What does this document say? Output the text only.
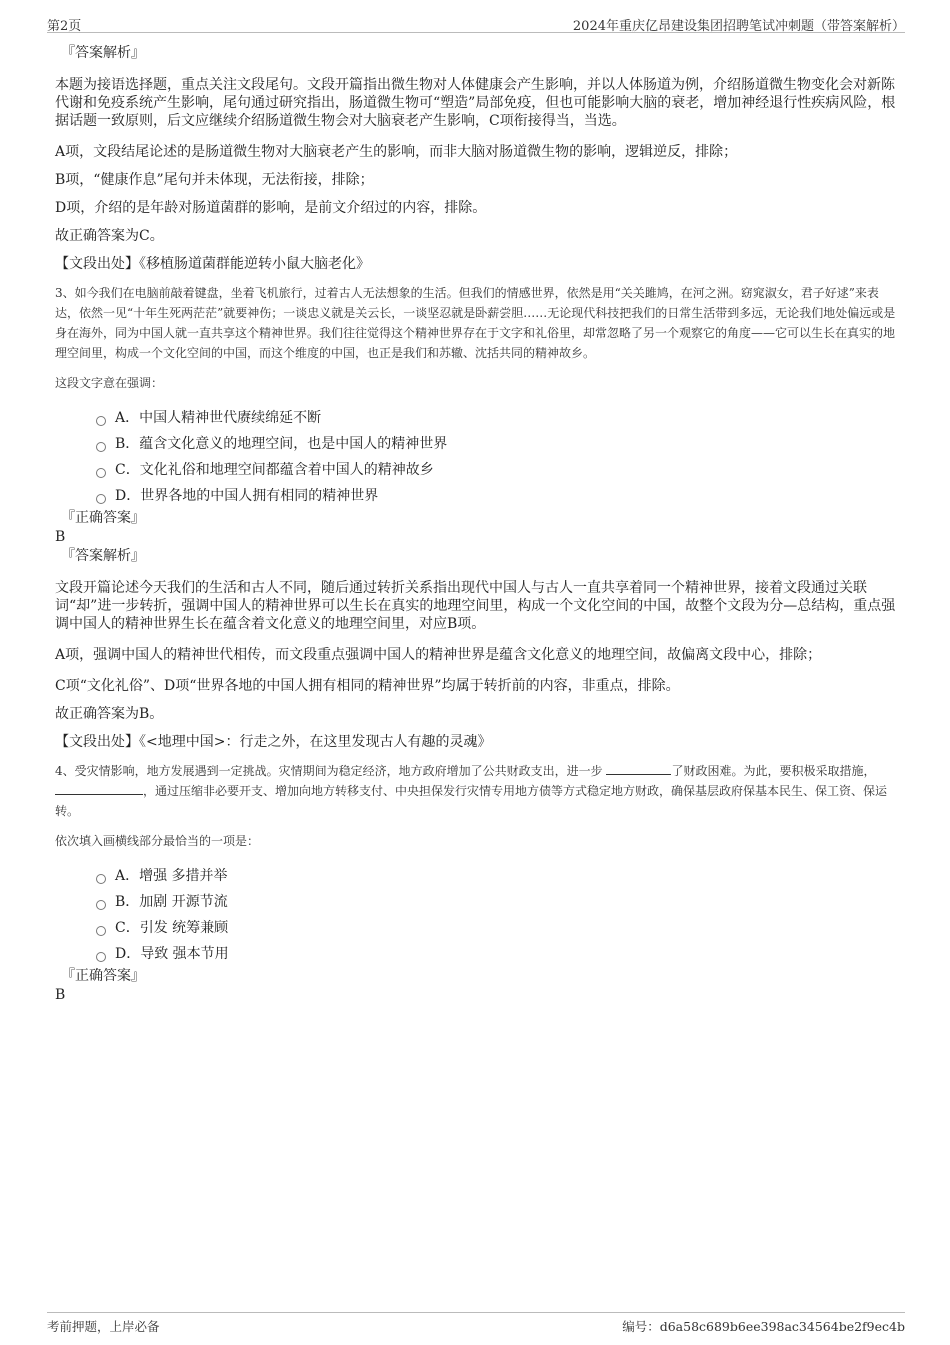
第2页	2024年重庆亿昂建设集团招聘笔试冲刺题（带答案解析）
『答案解析』

本题为接语选择题，重点关注文段尾句。文段开篇指出微生物对人体健康会产生影响，并以人体肠道为例，介绍肠道微生物变化会对新陈代谢和免疫系统产生影响，尾句通过研究指出，肠道微生物可“塑造”局部免疫，但也可能影响大脑的衰老，增加神经退行性疾病风险，根据话题一致原则，后文应继续介绍肠道微生物会对大脑衰老产生影响，C项衔接得当，当选。

A项，文段结尾论述的是肠道微生物对大脑衰老产生的影响，而非大脑对肠道微生物的影响，逻辑逆反，排除；

B项，“健康作息”尾句并未体现，无法衔接，排除；

D项，介绍的是年龄对肠道菌群的影响，是前文介绍过的内容，排除。

故正确答案为C。

【文段出处】《移植肠道菌群能逆转小鼠大脑老化》

3、如今我们在电脑前敲着键盘，坐着飞机旅行，过着古人无法想象的生活。但我们的情感世界，依然是用“关关雎鸠，在河之洲。窈窕淑女，君子好逑”来表达，依然一见“十年生死两茫茫”就要神伤；一谈忠义就是关云长，一谈坚忍就是卧薪尝胆……无论现代科技把我们的日常生活带到多远，无论我们地处偏远或是身在海外，同为中国人就一直共享这个精神世界。我们往往觉得这个精神世界存在于文字和礼俗里，却常忽略了另一个观察它的角度——它可以生长在真实的地理空间里，构成一个文化空间的中国，而这个维度的中国，也正是我们和苏辙、沈括共同的精神故乡。

这段文字意在强调：

A．中国人精神世代赓续绵延不断
B．蕴含文化意义的地理空间，也是中国人的精神世界
C．文化礼俗和地理空间都蕴含着中国人的精神故乡
D．世界各地的中国人拥有相同的精神世界
『正确答案』
B
『答案解析』

文段开篇论述今天我们的生活和古人不同，随后通过转折关系指出现代中国人与古人一直共享着同一个精神世界，接着文段通过关联词“却”进一步转折，强调中国人的精神世界可以生长在真实的地理空间里，构成一个文化空间的中国，故整个文段为分—总结构，重点强调中国人的精神世界生长在蕴含着文化意义的地理空间里，对应B项。

A项，强调中国人的精神世代相传，而文段重点强调中国人的精神世界是蕴含文化意义的地理空间，故偏离文段中心，排除；

C项“文化礼俗”、D项“世界各地的中国人拥有相同的精神世界”均属于转折前的内容，非重点，排除。

故正确答案为B。

【文段出处】《<地理中国>：行走之外，在这里发现古人有趣的灵魂》

4、受灾情影响，地方发展遇到一定挑战。灾情期间为稳定经济，地方政府增加了公共财政支出，进一步	了财政困难。为此，要积极采取措施， ，通过压缩非必要开支、增加向地方转移支付、中央担保发行灾情专用地方债等方式稳定地方财政，确保基层政府保基本民生、保工资、保运转。

依次填入画横线部分最恰当的一项是：

A．增强 多措并举
B．加剧 开源节流
C．引发 统筹兼顾
D．导致 强本节用
『正确答案』
B
考前押题，上岸必备	编号：d6a58c689b6ee398ac34564be2f9ec4b
